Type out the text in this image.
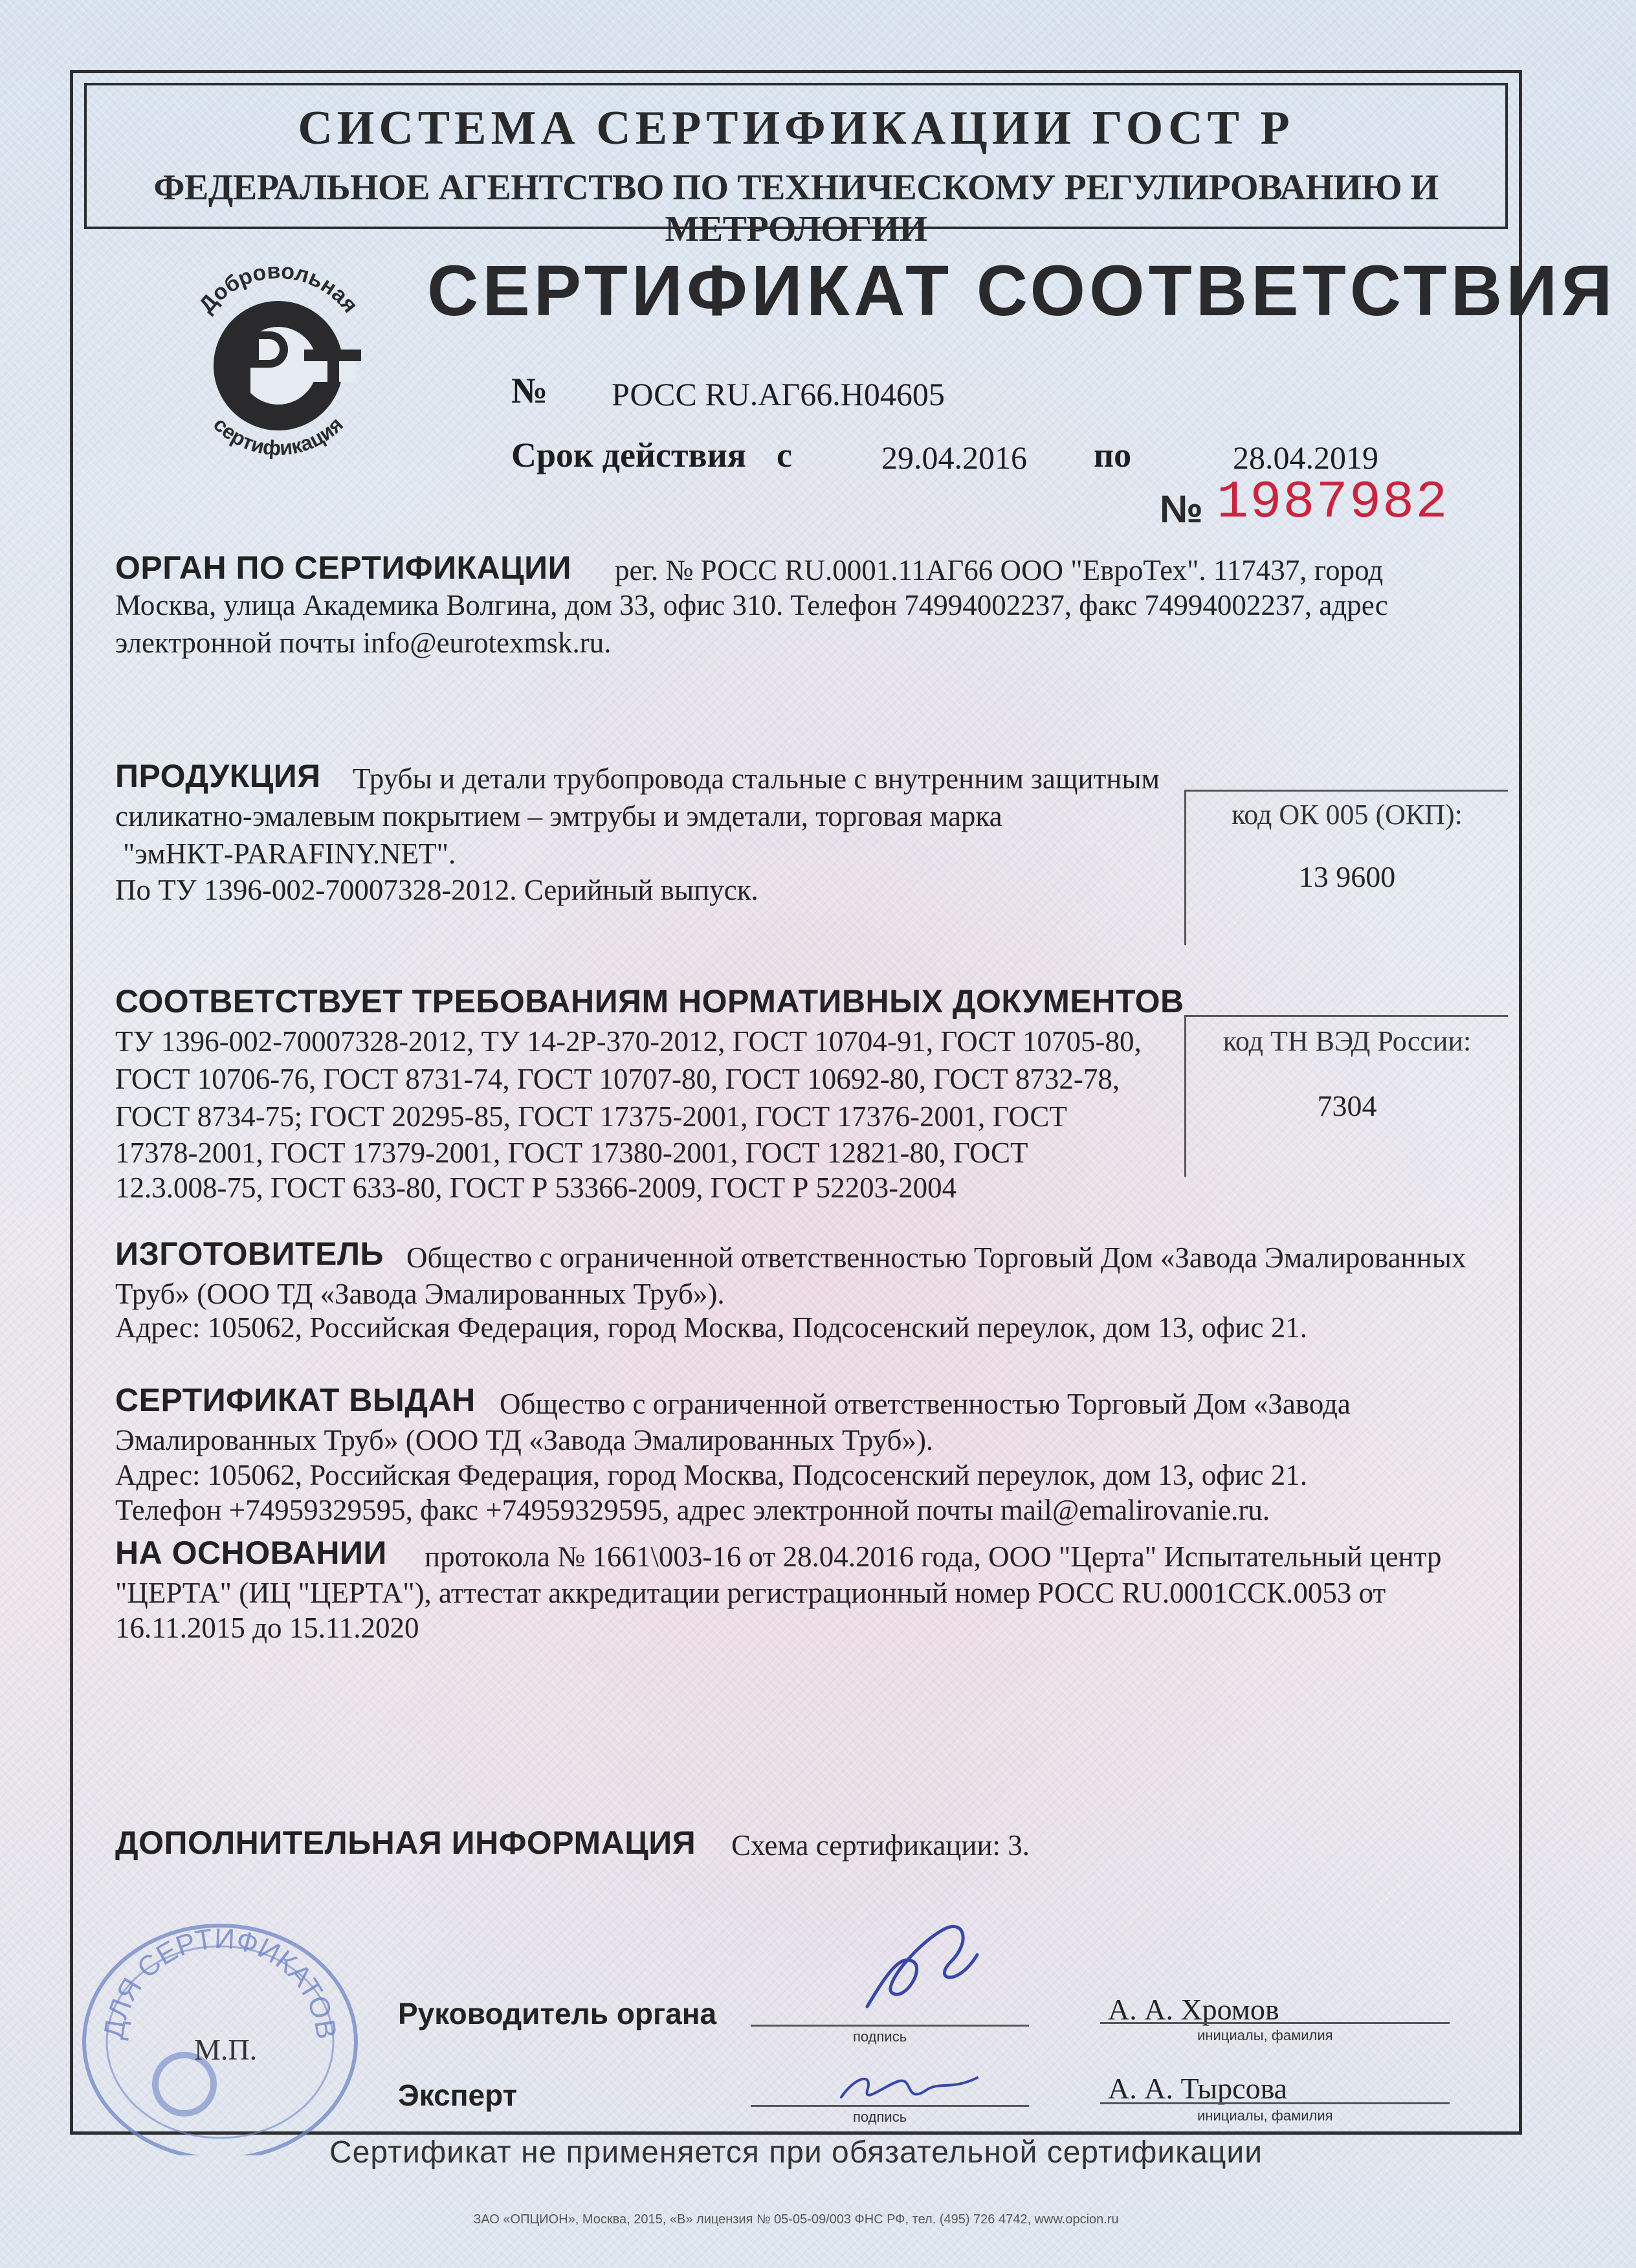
СИСТЕМА СЕРТИФИКАЦИИ ГОСТ Р
ФЕДЕРАЛЬНОЕ АГЕНТСТВО ПО ТЕХНИЧЕСКОМУ РЕГУЛИРОВАНИЮ И МЕТРОЛОГИИ
Добровольная
сертификация
СЕРТИФИКАТ СООТВЕТСТВИЯ
№ РОСС RU.АГ66.Н04605
Срок действия с	29.04.2016 по	28.04.2019
№ 1987982
ОРГАН ПО СЕРТИФИКАЦИИ рег. № РОСС RU.0001.11АГ66 ООО "ЕвроТех". 117437, город
Москва, улица Академика Волгина, дом 33, офис 310. Телефон 74994002237, факс 74994002237, адрес
электронной почты info@eurotexmsk.ru.
ПРОДУКЦИЯ Трубы и детали трубопровода стальные с внутренним защитным
силикатно-эмалевым покрытием – эмтрубы и эмдетали, торговая марка
"эмНКТ-PARAFINY.NET".
По ТУ 1396-002-70007328-2012. Серийный выпуск.
код ОК 005 (ОКП):
13 9600
СООТВЕТСТВУЕТ ТРЕБОВАНИЯМ НОРМАТИВНЫХ ДОКУМЕНТОВ
ТУ 1396-002-70007328-2012, ТУ 14-2Р-370-2012, ГОСТ 10704-91, ГОСТ 10705-80,
ГОСТ 10706-76, ГОСТ 8731-74, ГОСТ 10707-80, ГОСТ 10692-80, ГОСТ 8732-78,
ГОСТ 8734-75; ГОСТ 20295-85, ГОСТ 17375-2001, ГОСТ 17376-2001, ГОСТ
17378-2001, ГОСТ 17379-2001, ГОСТ 17380-2001, ГОСТ 12821-80, ГОСТ
12.3.008-75, ГОСТ 633-80, ГОСТ Р 53366-2009, ГОСТ Р 52203-2004
код ТН ВЭД России:
7304
ИЗГОТОВИТЕЛЬ Общество с ограниченной ответственностью Торговый Дом «Завода Эмалированных
Труб» (ООО ТД «Завода Эмалированных Труб»).
Адрес: 105062, Российская Федерация, город Москва, Подсосенский переулок, дом 13, офис 21.
СЕРТИФИКАТ ВЫДАН Общество с ограниченной ответственностью Торговый Дом «Завода
Эмалированных Труб» (ООО ТД «Завода Эмалированных Труб»).
Адрес: 105062, Российская Федерация, город Москва, Подсосенский переулок, дом 13, офис 21.
Телефон +74959329595, факс +74959329595, адрес электронной почты mail@emalirovanie.ru.
НА ОСНОВАНИИ протокола № 1661\003-16 от 28.04.2016 года, ООО "Церта" Испытательный центр
"ЦЕРТА" (ИЦ "ЦЕРТА"), аттестат аккредитации регистрационный номер РОСС RU.0001ССК.0053 от
16.11.2015 до 15.11.2020
ДОПОЛНИТЕЛЬНАЯ ИНФОРМАЦИЯ Схема сертификации: 3.
ДЛЯ СЕРТИФИКАТОВ
М.П.
Руководитель органа
подпись
А. А. Хромов
инициалы, фамилия
Эксперт
подпись
А. А. Тырсова
инициалы, фамилия
Сертификат не применяется при обязательной сертификации
ЗАО «ОПЦИОН», Москва, 2015, «В» лицензия № 05-05-09/003 ФНС РФ, тел. (495) 726 4742, www.opcion.ru
